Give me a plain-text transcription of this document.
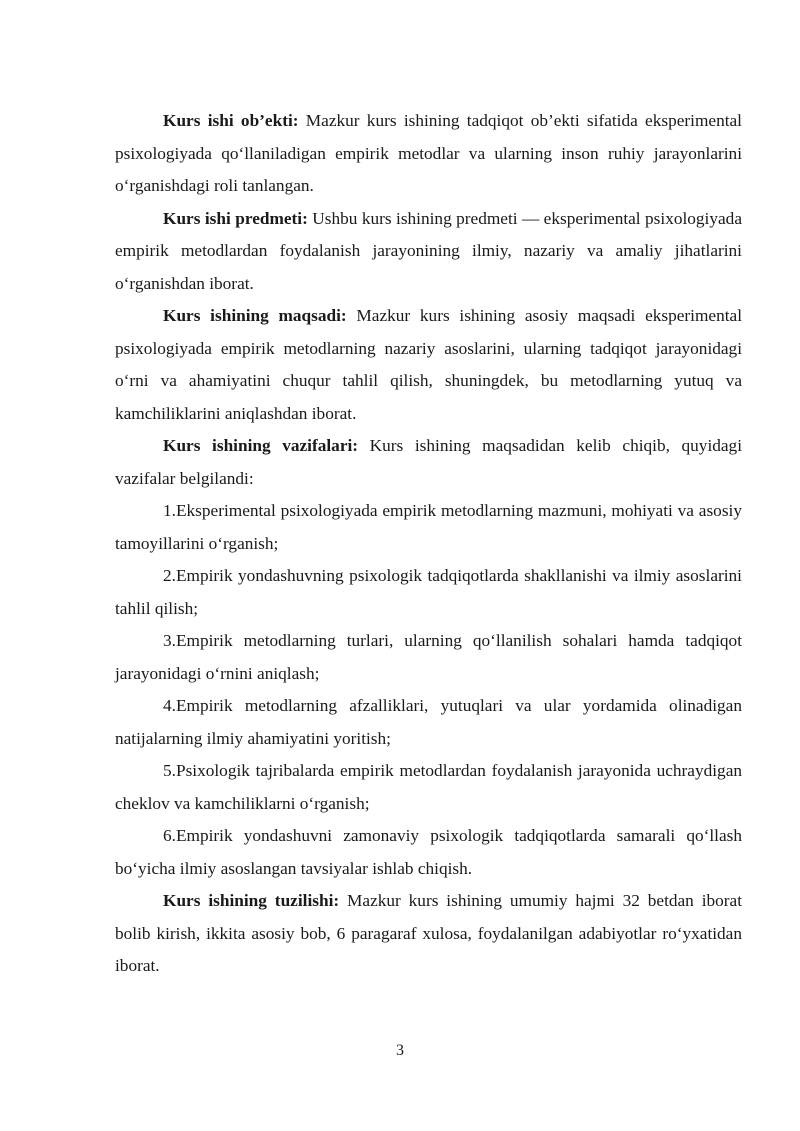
Kurs ishi ob’ekti: Mazkur kurs ishining tadqiqot ob’ekti sifatida eksperimental psixologiyada qo‘llaniladigan empirik metodlar va ularning inson ruhiy jarayonlarini o‘rganishdagi roli tanlangan.

Kurs ishi predmeti: Ushbu kurs ishining predmeti — eksperimental psixologiyada empirik metodlardan foydalanish jarayonining ilmiy, nazariy va amaliy jihatlarini o‘rganishdan iborat.

Kurs ishining maqsadi: Mazkur kurs ishining asosiy maqsadi eksperimental psixologiyada empirik metodlarning nazariy asoslarini, ularning tadqiqot jarayonidagi o‘rni va ahamiyatini chuqur tahlil qilish, shuningdek, bu metodlarning yutuq va kamchiliklarini aniqlashdan iborat.

Kurs ishining vazifalari: Kurs ishining maqsadidan kelib chiqib, quyidagi vazifalar belgilandi:

1.Eksperimental psixologiyada empirik metodlarning mazmuni, mohiyati va asosiy tamoyillarini o‘rganish;

2.Empirik yondashuvning psixologik tadqiqotlarda shakllanishi va ilmiy asoslarini tahlil qilish;

3.Empirik metodlarning turlari, ularning qo‘llanilish sohalari hamda tadqiqot jarayonidagi o‘rnini aniqlash;

4.Empirik metodlarning afzalliklari, yutuqlari va ular yordamida olinadigan natijalarning ilmiy ahamiyatini yoritish;

5.Psixologik tajribalarda empirik metodlardan foydalanish jarayonida uchraydigan cheklov va kamchiliklarni o‘rganish;

6.Empirik yondashuvni zamonaviy psixologik tadqiqotlarda samarali qo‘llash bo‘yicha ilmiy asoslangan tavsiyalar ishlab chiqish.

Kurs ishining tuzilishi: Mazkur kurs ishining umumiy hajmi 32 betdan iborat bolib kirish, ikkita asosiy bob, 6 paragaraf xulosa, foydalanilgan adabiyotlar ro‘yxatidan iborat.

3
